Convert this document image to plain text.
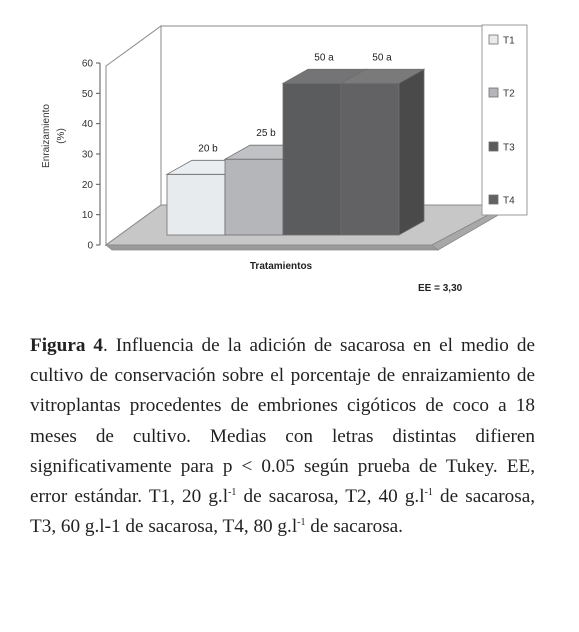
0
10
20
30
40
50
60
20 b
25 b
50 a	50 a
T1
T2
T3
T4
Enraizamiento (%)
Tratamientos
EE = 3,30

Figura 4. Influencia de la adición de sacarosa en el medio de cultivo de conservación sobre el porcentaje de enraizamiento de vitroplantas procedentes de embriones cigóticos de coco a 18 meses de cultivo. Medias con letras distintas difieren significativamente para p < 0.05 según prueba de Tukey. EE, error estándar. T1, 20 $g.l^{-1}$ de sacarosa, T2, 40 $g.l^{-1}$ de sacarosa, T3, 60 g.l-1 de sacarosa, T4, 80 $g.l^{-1}$ de sacarosa.
